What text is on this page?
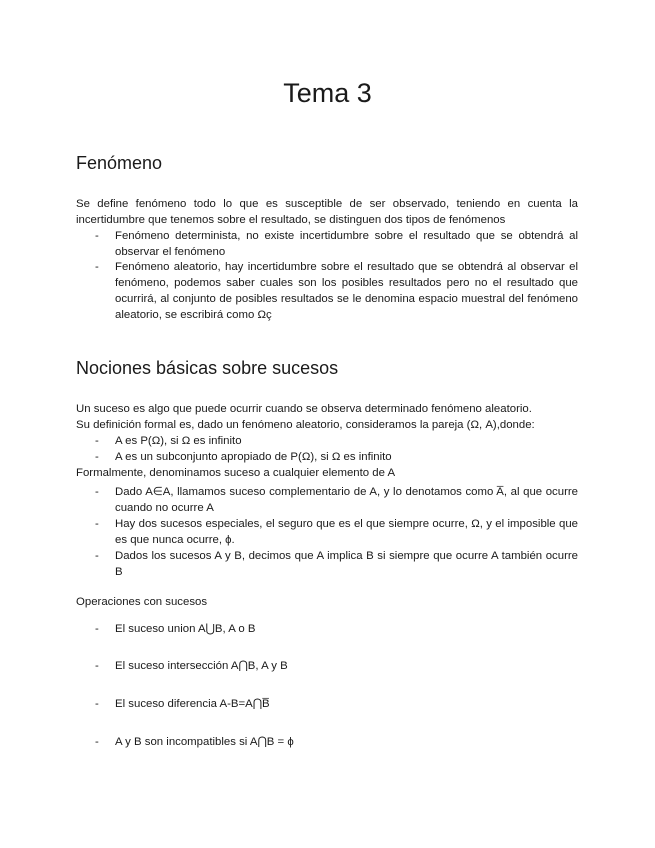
Tema 3
Fenómeno
Se define fenómeno todo lo que es susceptible de ser observado, teniendo en cuenta la incertidumbre que tenemos sobre el resultado, se distinguen dos tipos de fenómenos
- Fenómeno determinista, no existe incertidumbre sobre el resultado que se obtendrá al observar el fenómeno
- Fenómeno aleatorio, hay incertidumbre sobre el resultado que se obtendrá al observar el fenómeno, podemos saber cuales son los posibles resultados pero no el resultado que ocurrirá, al conjunto de posibles resultados se le denomina espacio muestral del fenómeno aleatorio, se escribirá como Ωç
Nociones básicas sobre sucesos
Un suceso es algo que puede ocurrir cuando se observa determinado fenómeno aleatorio.
Su definición formal es, dado un fenómeno aleatorio, consideramos la pareja (Ω, A),donde:
- A es P(Ω), si Ω es infinito
- A es un subconjunto apropiado de P(Ω), si Ω es infinito
Formalmente, denominamos suceso a cualquier elemento de A
- Dado A∈A, llamamos suceso complementario de A, y lo denotamos como A̅, al que ocurre cuando no ocurre A
- Hay dos sucesos especiales, el seguro que es el que siempre ocurre, Ω, y el imposible que es que nunca ocurre, ϕ.
- Dados los sucesos A y B, decimos que A implica B si siempre que ocurre A también ocurre B
Operaciones con sucesos
- El suceso union A⋃B, A o B
- El suceso intersección A⋂B, A y B
- El suceso diferencia A-B=A⋂B̅
- A y B son incompatibles si A⋂B = ϕ
